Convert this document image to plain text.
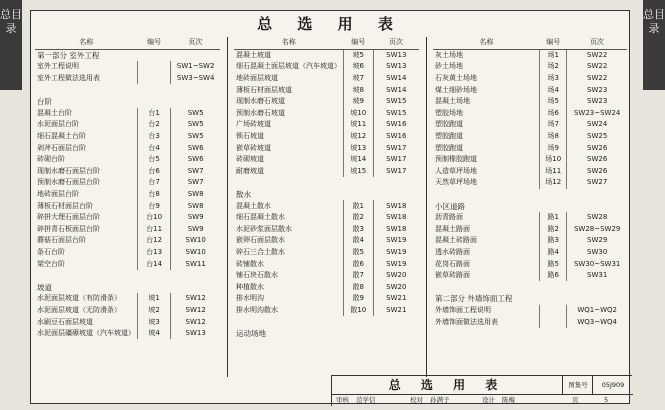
总目录
总目录
总 选 用 表
名称	编号	页次
第一部分 室外工程		
室外工程说明		SW1~SW2
室外工程做法选用表		SW3~SW4

台阶		
混凝土台阶	台1	SW5
水泥面层台阶	台2	SW5
细石混凝土台阶	台3	SW5
剁斧石面层台阶	台4	SW6
砖砌台阶	台5	SW6
现制水磨石面层台阶	台6	SW7
预制水磨石面层台阶	台7	SW7
地砖面层台阶	台8	SW8
薄板石材面层台阶	台9	SW8
碎拼大理石面层台阶	台10	SW9
碎拼青石板面层台阶	台11	SW9
蘑菇石面层台阶	台12	SW10
条石台阶	台13	SW10
架空台阶	台14	SW11

坡道		
水泥面层坡道（有防滑条）	坡1	SW12
水泥面层坡道（无防滑条）	坡2	SW12
水刷豆石面层坡道	坡3	SW12
水泥面层礓礤坡道（汽车坡道）	坡4	SW13
名称	编号	页次
混凝土坡道	坡5	SW13
细石混凝土面层坡道（汽车坡道）	坡6	SW13
地砖面层坡道	坡7	SW14
薄板石材面层坡道	坡8	SW14
现制水磨石坡道	坡9	SW15
预制水磨石坡道	坡10	SW15
广场砖坡道	坡11	SW16
锁石坡道	坡12	SW16
嵌草砖坡道	坡13	SW17
砖砌坡道	坡14	SW17
耐磨坡道	坡15	SW17

散水		
混凝土散水	散1	SW18
细石混凝土散水	散2	SW18
水泥砂浆面层散水	散3	SW18
嵌卵石面层散水	散4	SW19
碎石三合土散水	散5	SW19
砖铺散水	散6	SW19
铺石块石散水	散7	SW20
种植散水	散8	SW20
排水明沟	散9	SW21
排水明沟散水	散10	SW21

运动场地		
名称	编号	页次
灰土场地	场1	SW22
砂土场地	场2	SW22
石灰黄土场地	场3	SW22
煤土细砂场地	场4	SW23
混凝土场地	场5	SW23
塑胶场地	场6	SW23~SW24
塑胶跑道	场7	SW24
塑胶跑道	场8	SW25
塑胶跑道	场9	SW26
预制橡胶跑道	场10	SW26
人造草坪场地	场11	SW26
天然草坪场地	场12	SW27

小区道路		
沥青路面	路1	SW28
混凝土路面	路2	SW28~SW29
混凝土砖路面	路3	SW29
透水砖路面	路4	SW30
花岗石路面	路5	SW30~SW31
嵌草砖路面	路6	SW31

第二部分 外墙饰面工程		
外墙饰面工程说明		WQ1~WQ2
外墙饰面做法选用表		WQ3~WQ4
总 选 用 表	图集号	05J909
审核 范学信	校对 孙满子	设计 陈梅	页	5
